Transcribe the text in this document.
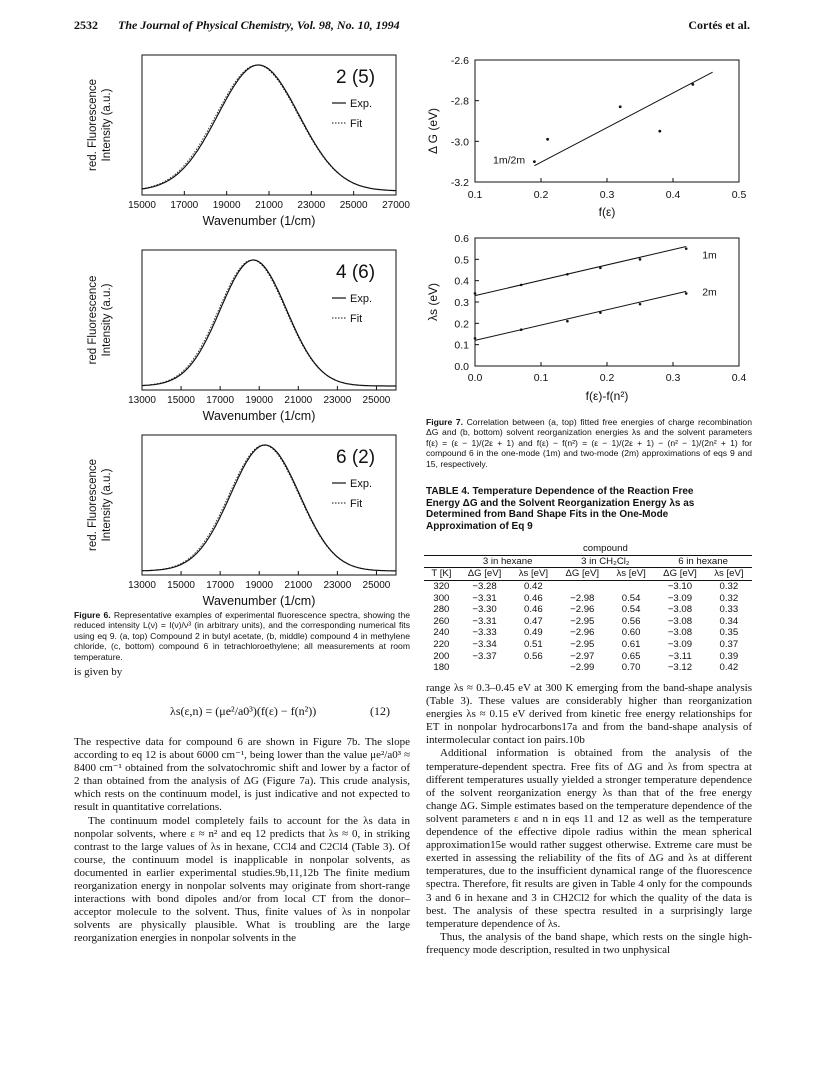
2532 The Journal of Physical Chemistry, Vol. 98, No. 10, 1994	Cortés et al.
red. Fluorescence Intensity (a.u.)
15000 17000 19000 21000 23000 25000 27000
Wavenumber (1/cm)
2 (5)
Exp.
Fit
red Fluorescence Intensity (a.u.)
13000 15000 17000 19000 21000 23000 25000
Wavenumber (1/cm)
4 (6)
Exp.
Fit
red. Fluorescence Intensity (a.u.)
13000 15000 17000 19000 21000 23000 25000
Wavenumber (1/cm)
6 (2)
Exp.
Fit
Figure 6. Representative examples of experimental fluorescence spectra, showing the reduced intensity L(ν) = I(ν)/ν³ (in arbitrary units), and the corresponding numerical fits using eq 9. (a, top) Compound 2 in butyl acetate, (b, middle) compound 4 in methylene chloride, (c, bottom) compound 6 in tetrachloroethylene; all measurements at room temperature.
0.1	0.2	0.3	0.4	0.5
-2.6
-2.8
-3.0
-3.2
f(ε)
Δ G (eV)
1m/2m
0.0	0.1	0.2	0.3	0.4
0.6
0.5
0.4
0.3
0.2
0.1
0.0
f(ε)-f(n²)
λs (eV)
1m
2m
Figure 7. Correlation between (a, top) fitted free energies of charge recombination ΔG and (b, bottom) solvent reorganization energies λs and the solvent parameters f(ε) = (ε − 1)/(2ε + 1) and f(ε) − f(n²) = (ε − 1)/(2ε + 1) − (n² − 1)/(2n² + 1) for compound 6 in the one-mode (1m) and two-mode (2m) approximations of eqs 9 and 15, respectively.
TABLE 4. Temperature Dependence of the Reaction Free Energy ΔG and the Solvent Reorganization Energy λs as Determined from Band Shape Fits in the One-Mode Approximation of Eq 9
	compound					
	3 in hexane		3 in CH₂Cl₂		6 in hexane	
T [K]	ΔG [eV]	λs [eV]	ΔG [eV]	λs [eV]	ΔG [eV]	λs [eV]
320	−3.28	0.42			−3.10	0.32
300	−3.31	0.46	−2.98	0.54	−3.09	0.32
280	−3.30	0.46	−2.96	0.54	−3.08	0.33
260	−3.31	0.47	−2.95	0.56	−3.08	0.34
240	−3.33	0.49	−2.96	0.60	−3.08	0.35
220	−3.34	0.51	−2.95	0.61	−3.09	0.37
200	−3.37	0.56	−2.97	0.65	−3.11	0.39
180			−2.99	0.70	−3.12	0.42

is given by

λs(ε,n) = (μe²/a0³)(f(ε) − f(n²))	(12)

The respective data for compound 6 are shown in Figure 7b. The slope according to eq 12 is about 6000 cm⁻¹, being lower than the value μe²/a0³ ≈ 8400 cm⁻¹ obtained from the solvatochromic shift and lower by a factor of 2 than obtained from the analysis of ΔG (Figure 7a). This crude analysis, which rests on the continuum model, is just indicative and not expected to result in quantitative correlations.

The continuum model completely fails to account for the λs data in nonpolar solvents, where ε ≈ n² and eq 12 predicts that λs ≈ 0, in striking contrast to the large values of λs in hexane, CCl4 and C2Cl4 (Table 3). Of course, the continuum model is inapplicable in nonpolar solvents, as documented in earlier experimental studies.9b,11,12b The finite medium reorganization energy in nonpolar solvents may originate from short-range interactions with bond dipoles and/or from local CT from the donor–acceptor molecule to the solvent. Thus, finite values of λs in nonpolar solvents are physically plausible. What is troubling are the large reorganization energies in nonpolar solvents in the

range λs ≈ 0.3–0.45 eV at 300 K emerging from the band-shape analysis (Table 3). These values are considerably higher than reorganization energies λs ≈ 0.15 eV derived from kinetic free energy relationships for ET in nonpolar hydrocarbons17a and from the band-shape analysis of intermolecular contact ion pairs.10b

Additional information is obtained from the analysis of the temperature-dependent spectra. Free fits of ΔG and λs from spectra at different temperatures usually yielded a stronger temperature dependence of the solvent reorganization energy λs than that of the free energy change ΔG. Simple estimates based on the temperature dependence of the solvent parameters ε and n in eqs 11 and 12 as well as the temperature dependence of the effective dipole radius within the mean spherical approximation15e would rather suggest otherwise. Extreme care must be exerted in assessing the reliability of the fits of ΔG and λs at different temperatures, due to the insufficient dynamical range of the fluorescence spectra. Therefore, fit results are given in Table 4 only for the compounds 3 and 6 in hexane and 3 in CH2Cl2 for which the quality of the data is best. The analysis of these spectra resulted in a surprisingly large temperature dependence of λs.

Thus, the analysis of the band shape, which rests on the single high-frequency mode description, resulted in two unphysical
